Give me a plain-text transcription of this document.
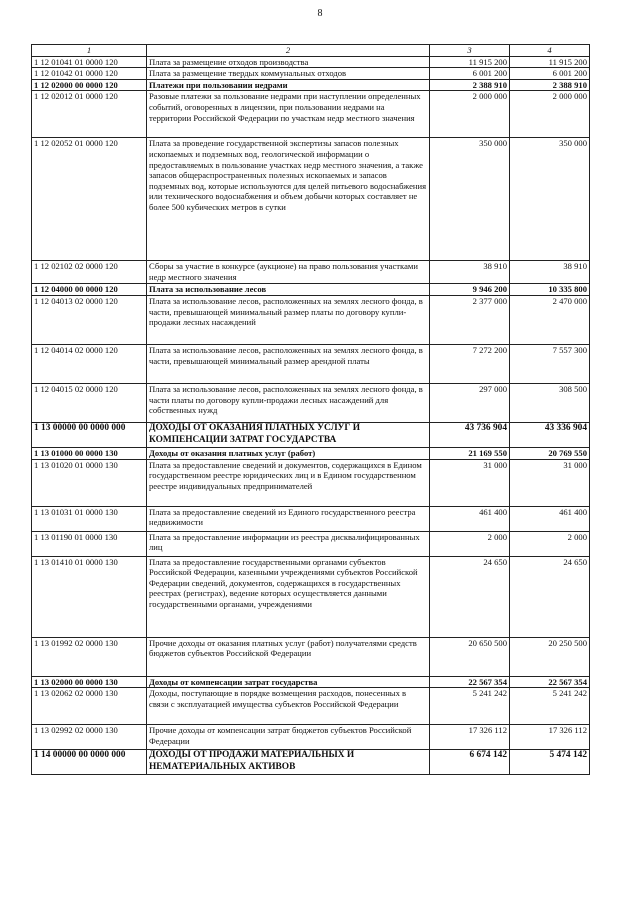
8
1	2	3	4
1 12 01041 01 0000 120	Плата за размещение отходов производства	11 915 200	11 915 200
1 12 01042 01 0000 120	Плата за размещение твердых коммунальных отходов	6 001 200	6 001 200
1 12 02000 00 0000 120	Платежи при пользовании недрами	2 388 910	2 388 910
1 12 02012 01 0000 120	Разовые платежи за пользование недрами при наступлении определенных событий, оговоренных в лицензии, при пользовании недрами на территории Российской Федерации по участкам недр местного значения	2 000 000	2 000 000
1 12 02052 01 0000 120	Плата за проведение государственной экспертизы запасов полезных ископаемых и подземных вод, геологической информации о предоставляемых в пользование участках недр местного значения, а также запасов общераспространенных полезных ископаемых и запасов подземных вод, которые используются для целей питьевого водоснабжения или технического водоснабжения и объем добычи которых составляет не более 500 кубических метров в сутки	350 000	350 000
1 12 02102 02 0000 120	Сборы за участие в конкурсе (аукционе) на право пользования участками недр местного значения	38 910	38 910
1 12 04000 00 0000 120	Плата за использование лесов	9 946 200	10 335 800
1 12 04013 02 0000 120	Плата за использование лесов, расположенных на землях лесного фонда, в части, превышающей минимальный размер платы по договору купли-продажи лесных насаждений	2 377 000	2 470 000
1 12 04014 02 0000 120	Плата за использование лесов, расположенных на землях лесного фонда, в части, превышающей минимальный размер арендной платы	7 272 200	7 557 300
1 12 04015 02 0000 120	Плата за использование лесов, расположенных на землях лесного фонда, в части платы по договору купли-продажи лесных насаждений для собственных нужд	297 000	308 500
1 13 00000 00 0000 000	ДОХОДЫ ОТ ОКАЗАНИЯ ПЛАТНЫХ УСЛУГ И КОМПЕНСАЦИИ ЗАТРАТ ГОСУДАРСТВА	43 736 904	43 336 904
1 13 01000 00 0000 130	Доходы от оказания платных услуг (работ)	21 169 550	20 769 550
1 13 01020 01 0000 130	Плата за предоставление сведений и документов, содержащихся в Едином государственном реестре юридических лиц и в Едином государственном реестре индивидуальных предпринимателей	31 000	31 000
1 13 01031 01 0000 130	Плата за предоставление сведений из Единого государственного реестра недвижимости	461 400	461 400
1 13 01190 01 0000 130	Плата за предоставление информации из реестра дисквалифицированных лиц	2 000	2 000
1 13 01410 01 0000 130	Плата за предоставление государственными органами субъектов Российской Федерации, казенными учреждениями субъектов Российской Федерации сведений, документов, содержащихся в государственных реестрах (регистрах), ведение которых осуществляется данными государственными органами, учреждениями	24 650	24 650
1 13 01992 02 0000 130	Прочие доходы от оказания платных услуг (работ) получателями средств бюджетов субъектов Российской Федерации	20 650 500	20 250 500
1 13 02000 00 0000 130	Доходы от компенсации затрат государства	22 567 354	22 567 354
1 13 02062 02 0000 130	Доходы, поступающие в порядке возмещения расходов, понесенных в связи с эксплуатацией имущества субъектов Российской Федерации	5 241 242	5 241 242
1 13 02992 02 0000 130	Прочие доходы от компенсации затрат бюджетов субъектов Российской Федерации	17 326 112	17 326 112
1 14 00000 00 0000 000	ДОХОДЫ ОТ ПРОДАЖИ МАТЕРИАЛЬНЫХ И НЕМАТЕРИАЛЬНЫХ АКТИВОВ	6 674 142	5 474 142
